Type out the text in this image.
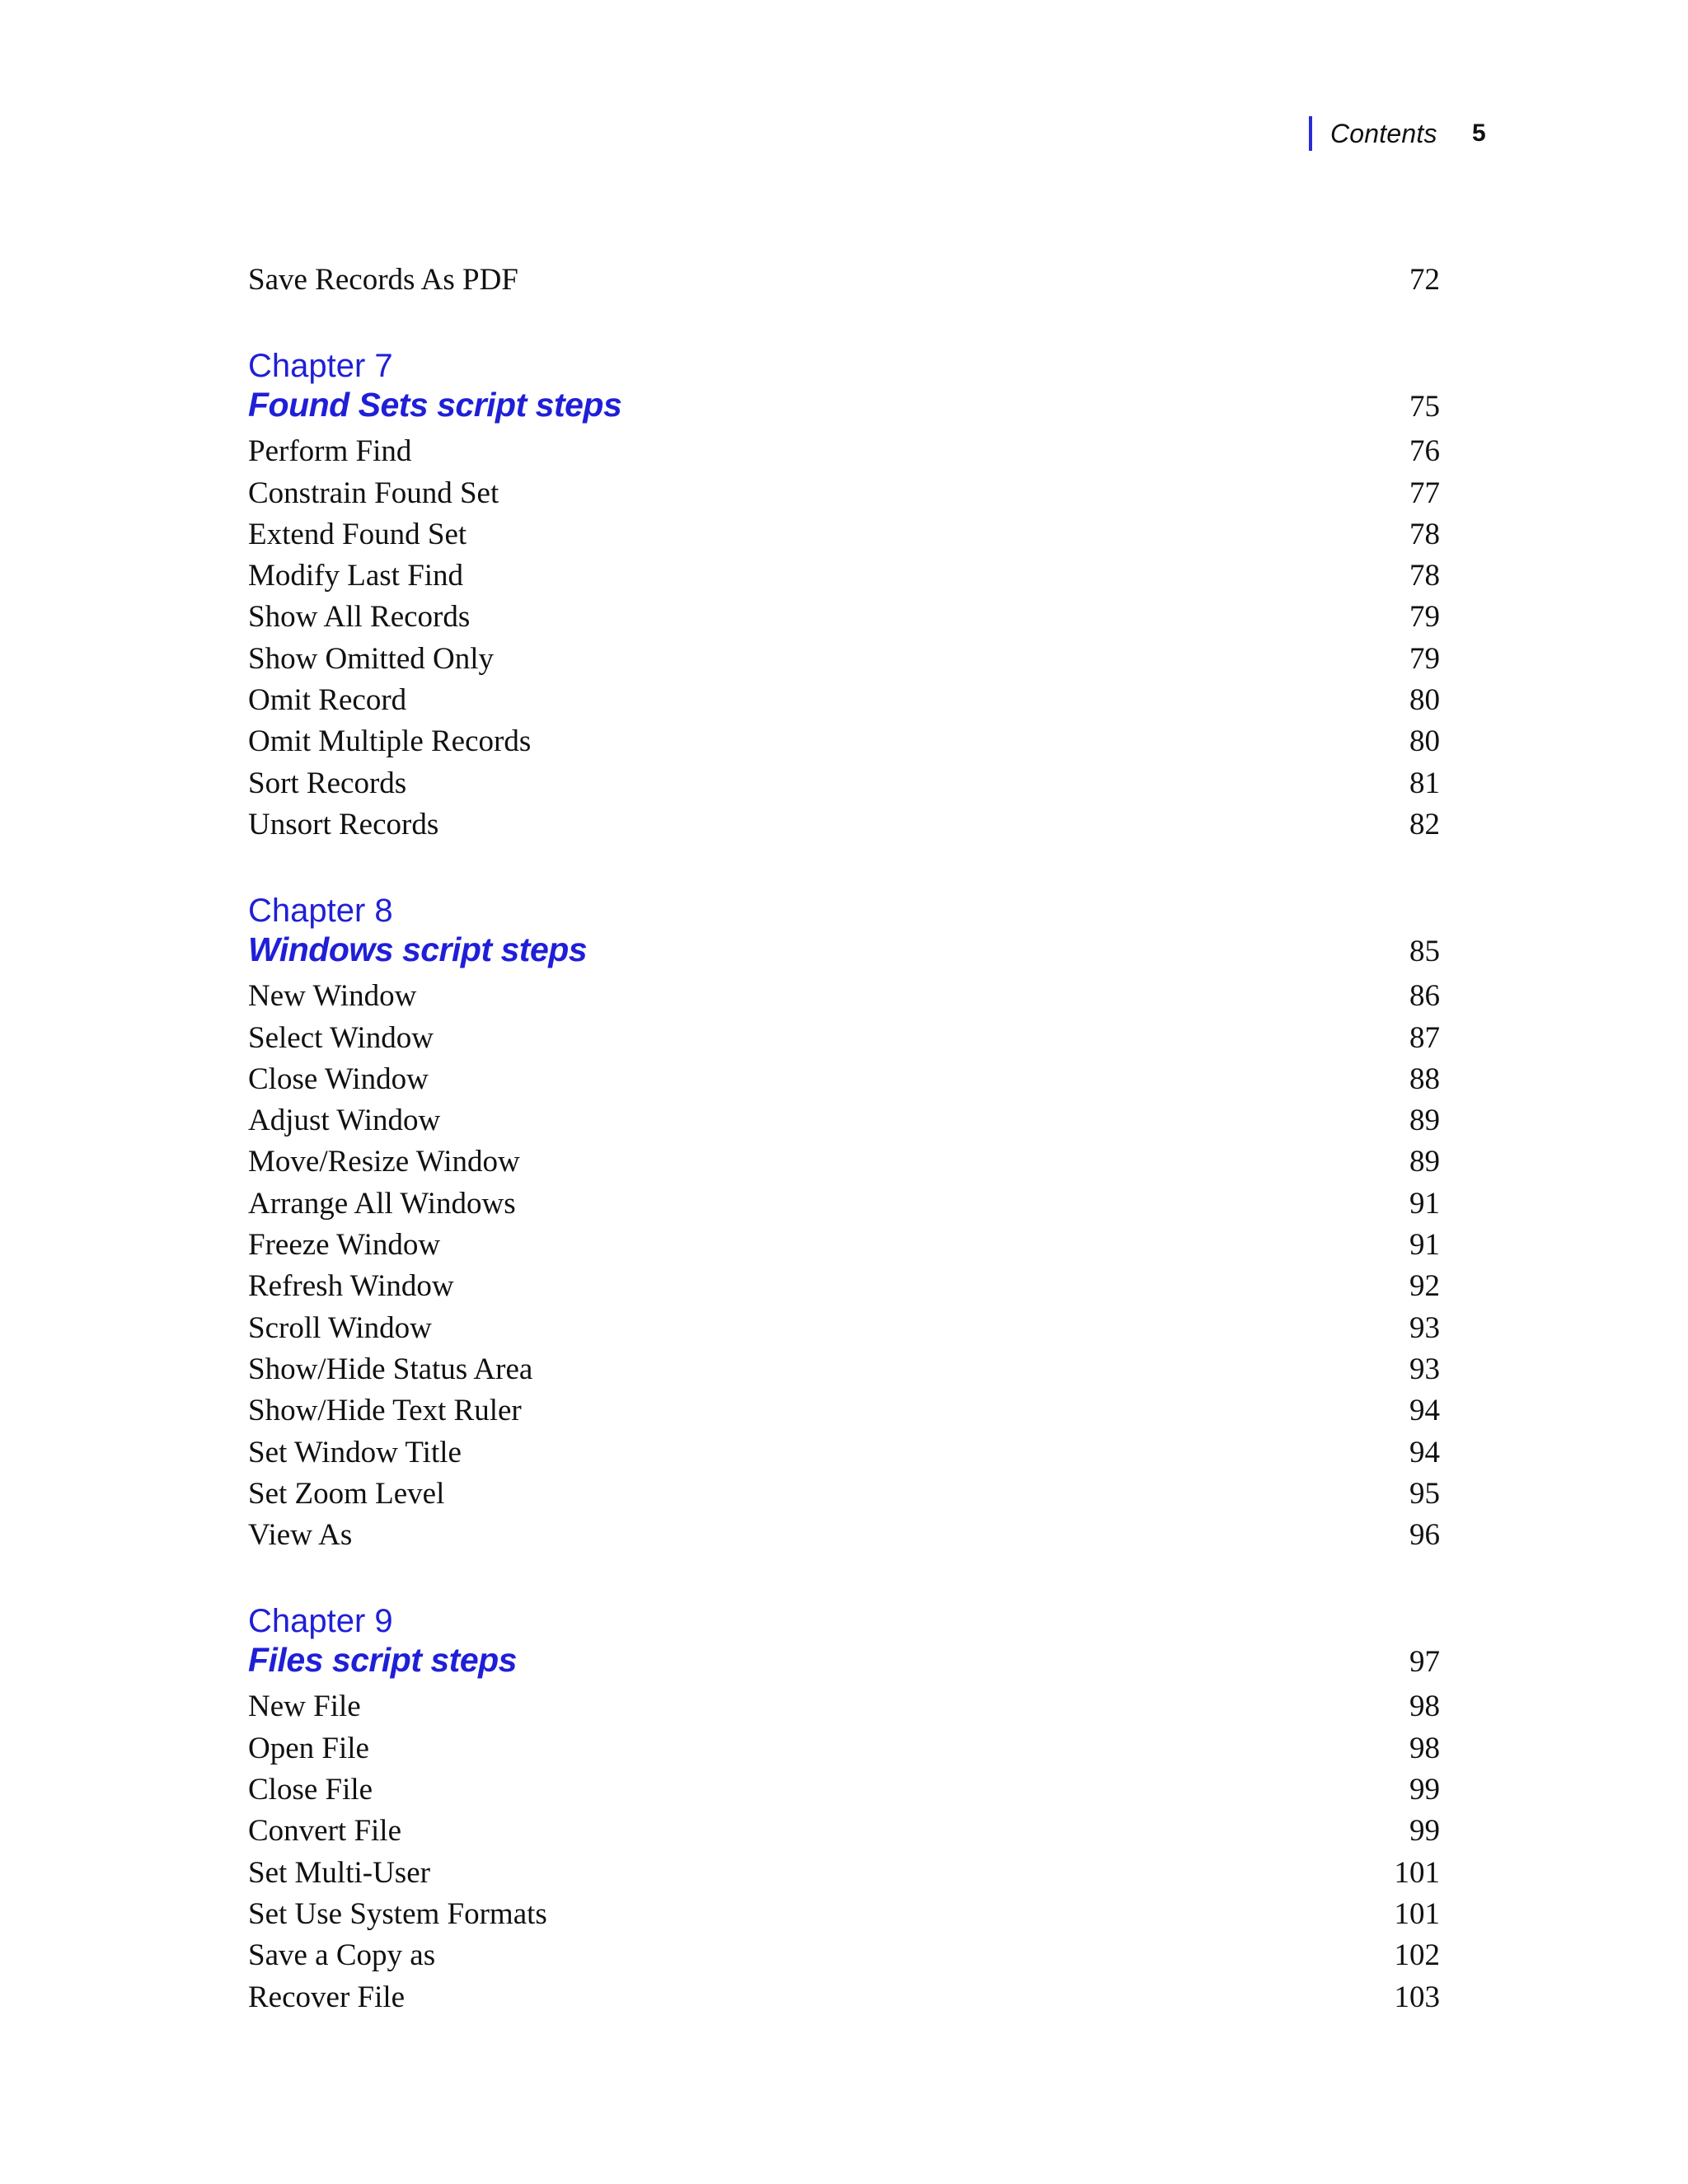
Contents 5
Save Records As PDF	72
Chapter 7
Found Sets script steps	75
Perform Find	76
Constrain Found Set	77
Extend Found Set	78
Modify Last Find	78
Show All Records	79
Show Omitted Only	79
Omit Record	80
Omit Multiple Records	80
Sort Records	81
Unsort Records	82
Chapter 8
Windows script steps	85
New Window	86
Select Window	87
Close Window	88
Adjust Window	89
Move/Resize Window	89
Arrange All Windows	91
Freeze Window	91
Refresh Window	92
Scroll Window	93
Show/Hide Status Area	93
Show/Hide Text Ruler	94
Set Window Title	94
Set Zoom Level	95
View As	96
Chapter 9
Files script steps	97
New File	98
Open File	98
Close File	99
Convert File	99
Set Multi-User	101
Set Use System Formats	101
Save a Copy as	102
Recover File	103
